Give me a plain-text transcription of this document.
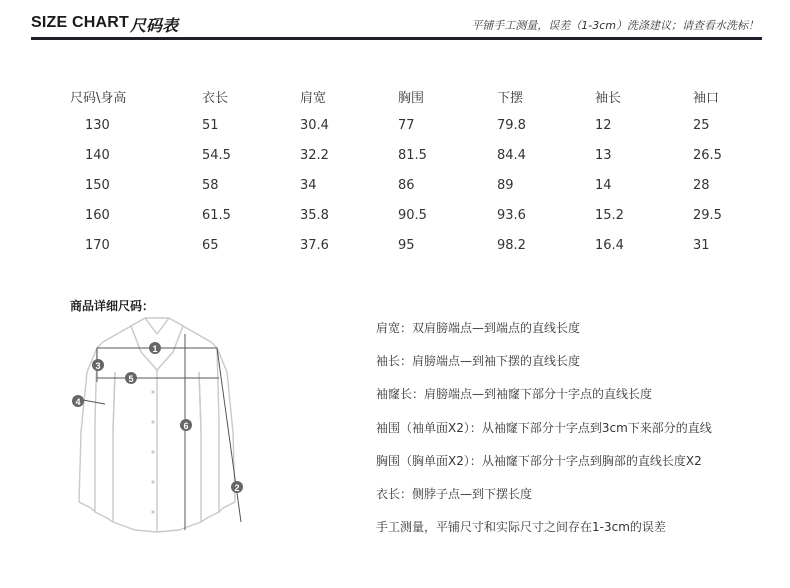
SIZE CHART 尺码表	平铺手工测量，误差（1-3cm）洗涤建议；请查看水洗标！
尺码\身高	衣长	肩宽	胸围	下摆	袖长	袖口
130	51	30.4	77	79.8	12	25
140	54.5	32.2	81.5	84.4	13	26.5
150	58	34	86	89	14	28
160	61.5	35.8	90.5	93.6	15.2	29.5
170	65	37.6	95	98.2	16.4	31
商品详细尺码：
1
2
3
4
5
6
肩宽：双肩膀端点—到端点的直线长度
袖长：肩膀端点—到袖下摆的直线长度
袖窿长：肩膀端点—到袖窿下部分十字点的直线长度
袖围（袖单面X2）：从袖窿下部分十字点到3cm下来部分的直线
胸围（胸单面X2）：从袖窿下部分十字点到胸部的直线长度X2
衣长：侧脖子点—到下摆长度
手工测量，平铺尺寸和实际尺寸之间存在1-3cm的误差
